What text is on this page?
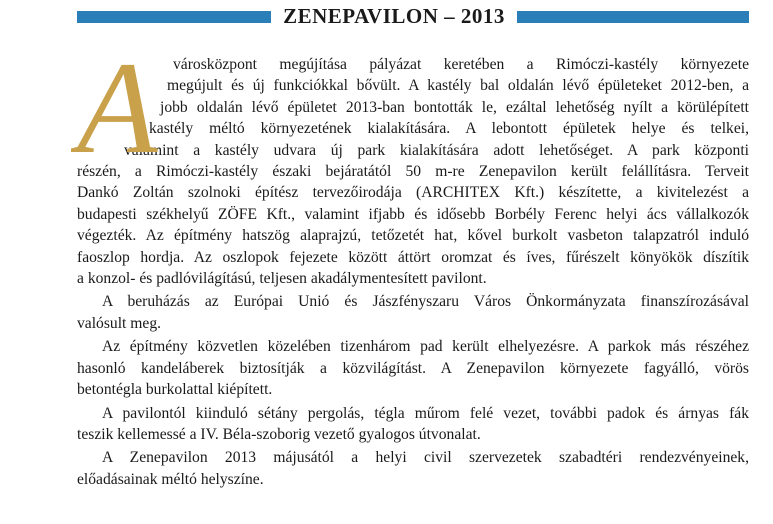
ZENEPAVILON – 2013
A városközpont megújítása pályázat keretében a Rimóczi-kastély környezete
megújult és új funkciókkal bővült. A kastély bal oldalán lévő épületeket 2012-ben, a
jobb oldalán lévő épületet 2013-ban bontották le, ezáltal lehetőség nyílt a körülépített
kastély méltó környezetének kialakítására. A lebontott épületek helye és telkei,
valamint a kastély udvara új park kialakítására adott lehetőséget. A park központi
részén, a Rimóczi-kastély északi bejáratától 50 m-re Zenepavilon került felállításra. Terveit
Dankó Zoltán szolnoki építész tervezőirodája (ARCHITEX Kft.) készítette, a kivitelezést a
budapesti székhelyű ZÖFE Kft., valamint ifjabb és idősebb Borbély Ferenc helyi ács vállalkozók
végezték. Az építmény hatszög alaprajzú, tetőzetét hat, kővel burkolt vasbeton talapzatról induló
faoszlop hordja. Az oszlopok fejezete között áttört oromzat és íves, fűrészelt könyökök díszítik
a konzol- és padlóvilágítású, teljesen akadálymentesített pavilont.
A beruházás az Európai Unió és Jászfényszaru Város Önkormányzata finanszírozásával
valósult meg.
Az építmény közvetlen közelében tizenhárom pad került elhelyezésre. A parkok más részéhez
hasonló kandeláberek biztosítják a közvilágítást. A Zenepavilon környezete fagyálló, vörös
betontégla burkolattal kiépített.
A pavilontól kiinduló sétány pergolás, tégla műrom felé vezet, további padok és árnyas fák
teszik kellemessé a IV. Béla-szoborig vezető gyalogos útvonalat.
A Zenepavilon 2013 májusától a helyi civil szervezetek szabadtéri rendezvényeinek,
előadásainak méltó helyszíne.
